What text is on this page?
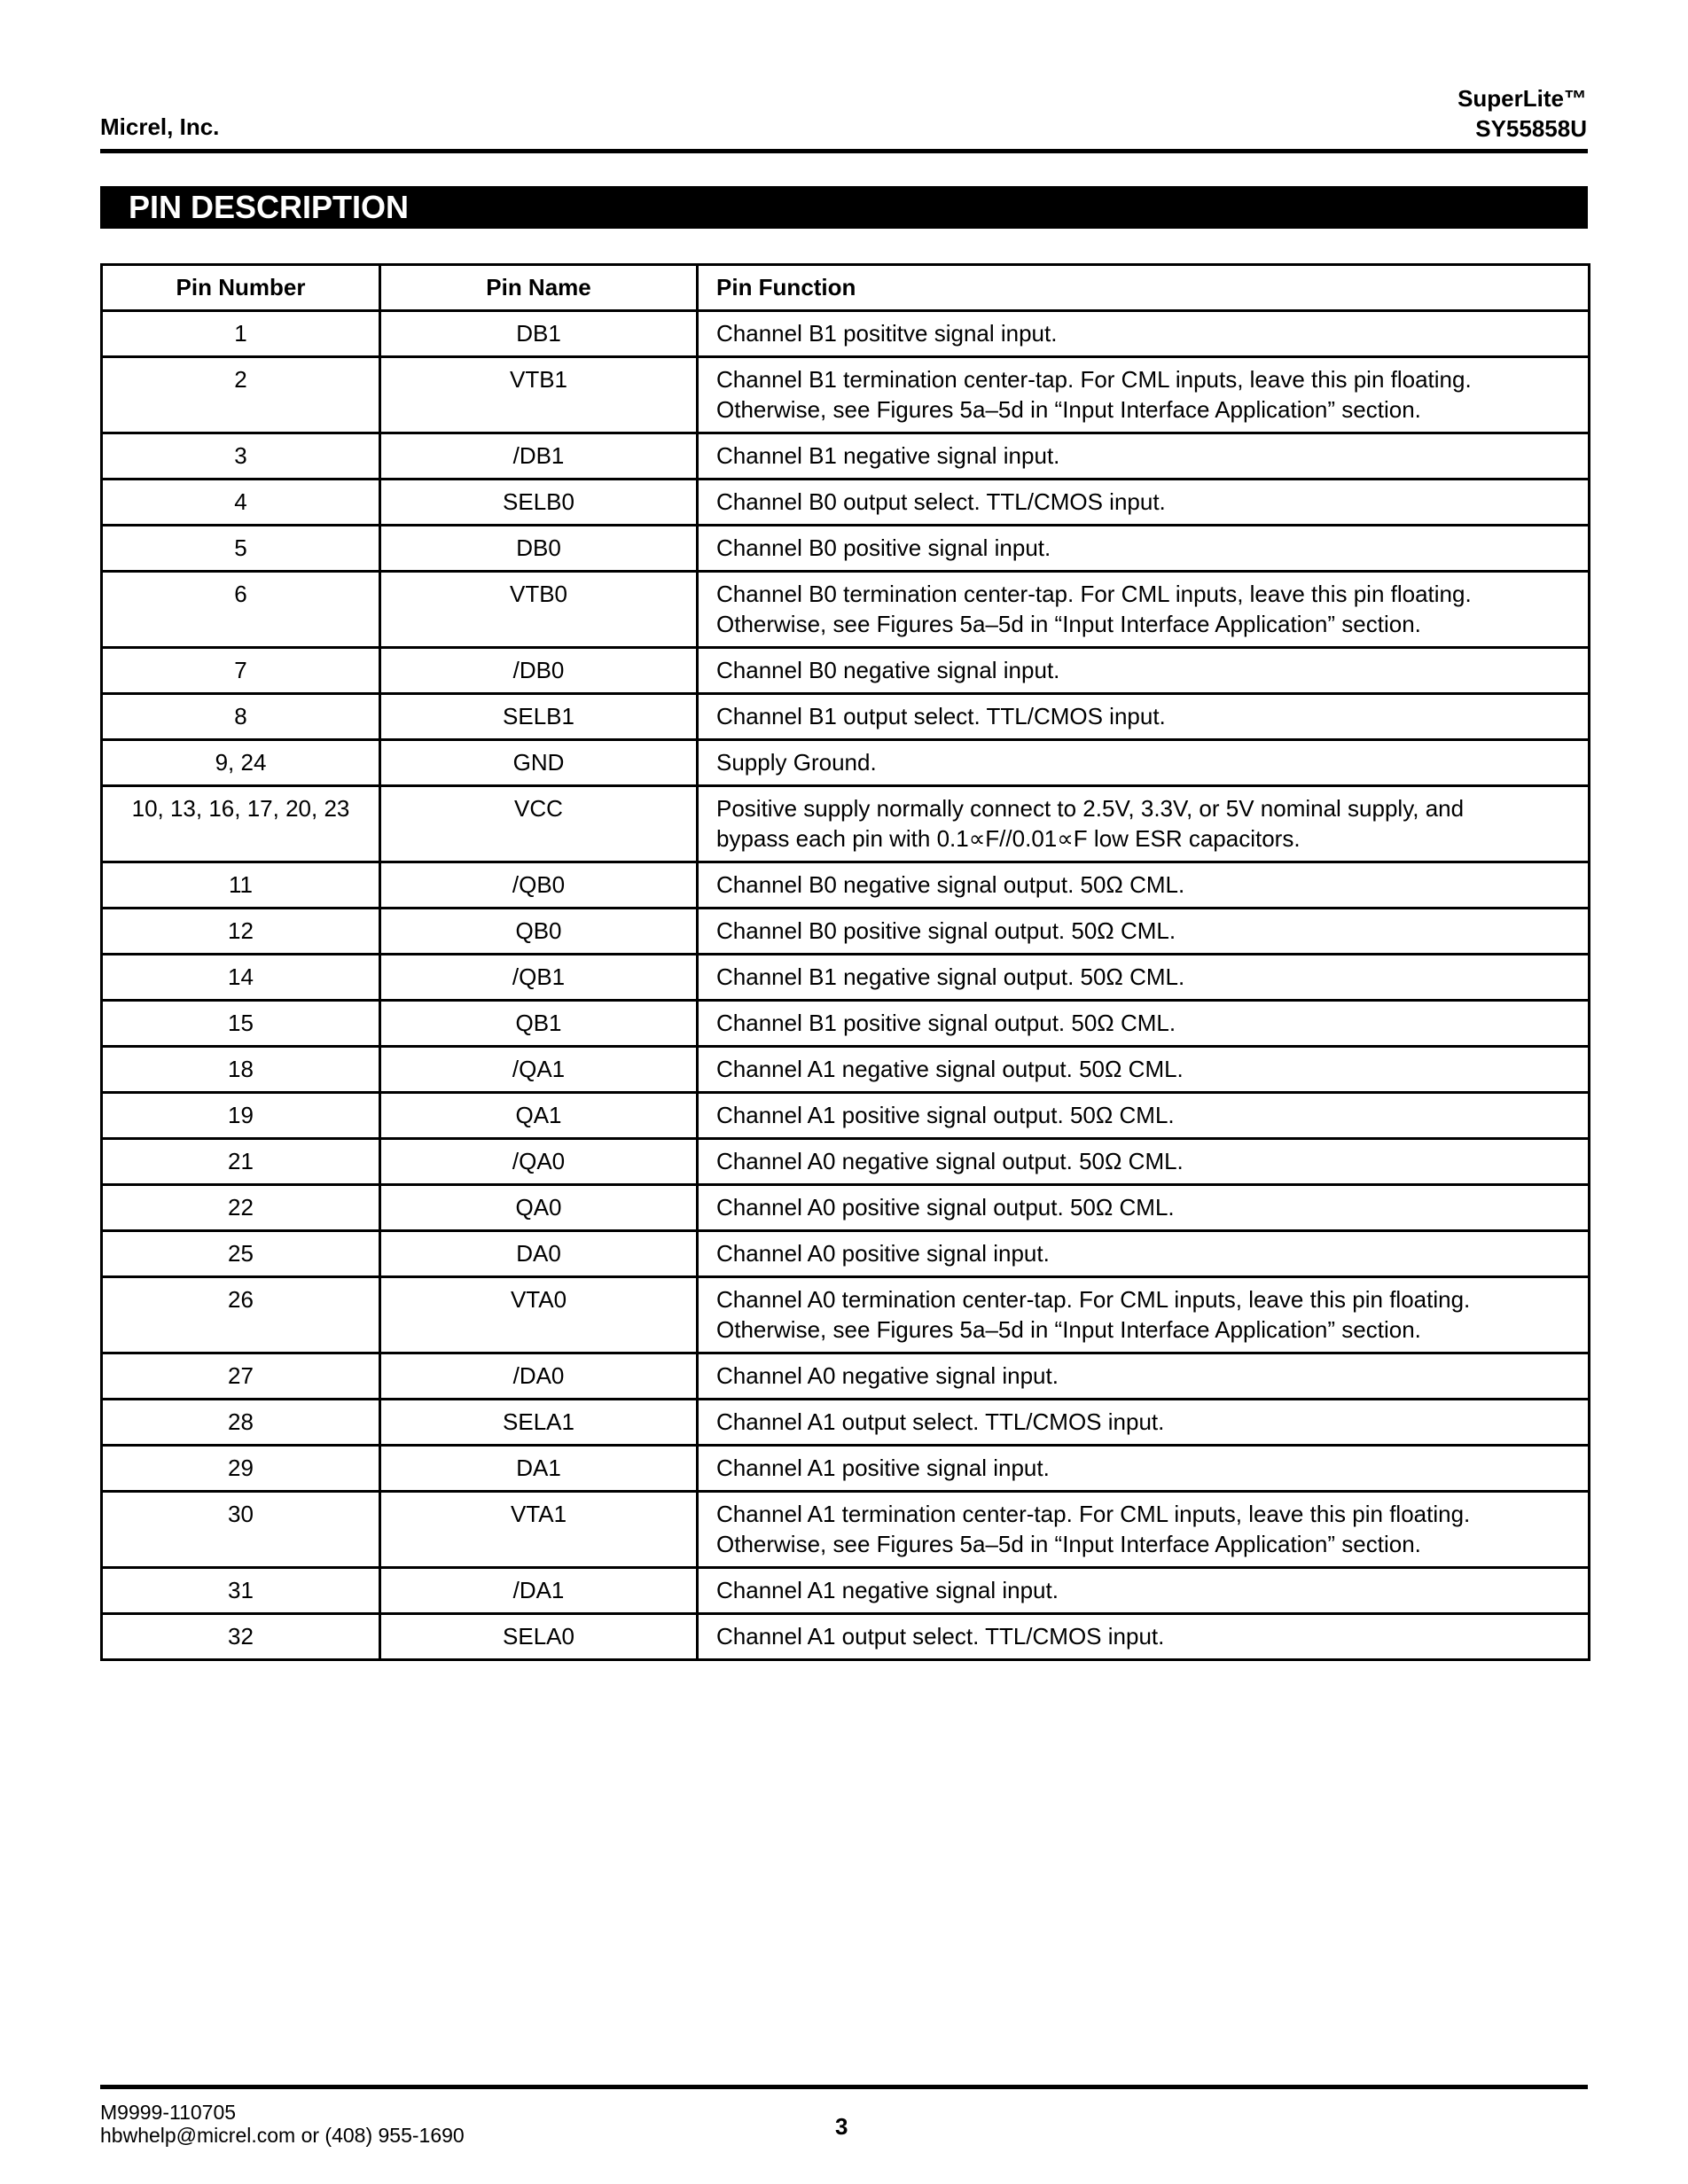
Micrel, Inc.
SuperLite™
SY55858U
PIN DESCRIPTION
Pin Number	Pin Name	Pin Function
1	DB1	Channel B1 posititve signal input.

2	VTB1	Channel B1 termination center-tap. For CML inputs, leave this pin floating.
Otherwise, see Figures 5a–5d in “Input Interface Application” section.

3	/DB1	Channel B1 negative signal input.

4	SELB0	Channel B0 output select. TTL/CMOS input.

5	DB0	Channel B0 positive signal input.

6	VTB0	Channel B0 termination center-tap. For CML inputs, leave this pin floating.
Otherwise, see Figures 5a–5d in “Input Interface Application” section.

7	/DB0	Channel B0 negative signal input.

8	SELB1	Channel B1 output select. TTL/CMOS input.

9, 24	GND	Supply Ground.

10, 13, 16, 17, 20, 23	VCC	Positive supply normally connect to 2.5V, 3.3V, or 5V nominal supply, and
bypass each pin with 0.1∝F//0.01∝F low ESR capacitors.

11	/QB0	Channel B0 negative signal output. 50Ω CML.

12	QB0	Channel B0 positive signal output. 50Ω CML.

14	/QB1	Channel B1 negative signal output. 50Ω CML.

15	QB1	Channel B1 positive signal output. 50Ω CML.

18	/QA1	Channel A1 negative signal output. 50Ω CML.

19	QA1	Channel A1 positive signal output. 50Ω CML.

21	/QA0	Channel A0 negative signal output. 50Ω CML.

22	QA0	Channel A0 positive signal output. 50Ω CML.

25	DA0	Channel A0 positive signal input.

26	VTA0	Channel A0 termination center-tap. For CML inputs, leave this pin floating.
Otherwise, see Figures 5a–5d in “Input Interface Application” section.

27	/DA0	Channel A0 negative signal input.

28	SELA1	Channel A1 output select. TTL/CMOS input.

29	DA1	Channel A1 positive signal input.

30	VTA1	Channel A1 termination center-tap. For CML inputs, leave this pin floating.
Otherwise, see Figures 5a–5d in “Input Interface Application” section.

31	/DA1	Channel A1 negative signal input.

32	SELA0	Channel A1 output select. TTL/CMOS input.
M9999-110705
hbwhelp@micrel.com or (408) 955-1690	3
